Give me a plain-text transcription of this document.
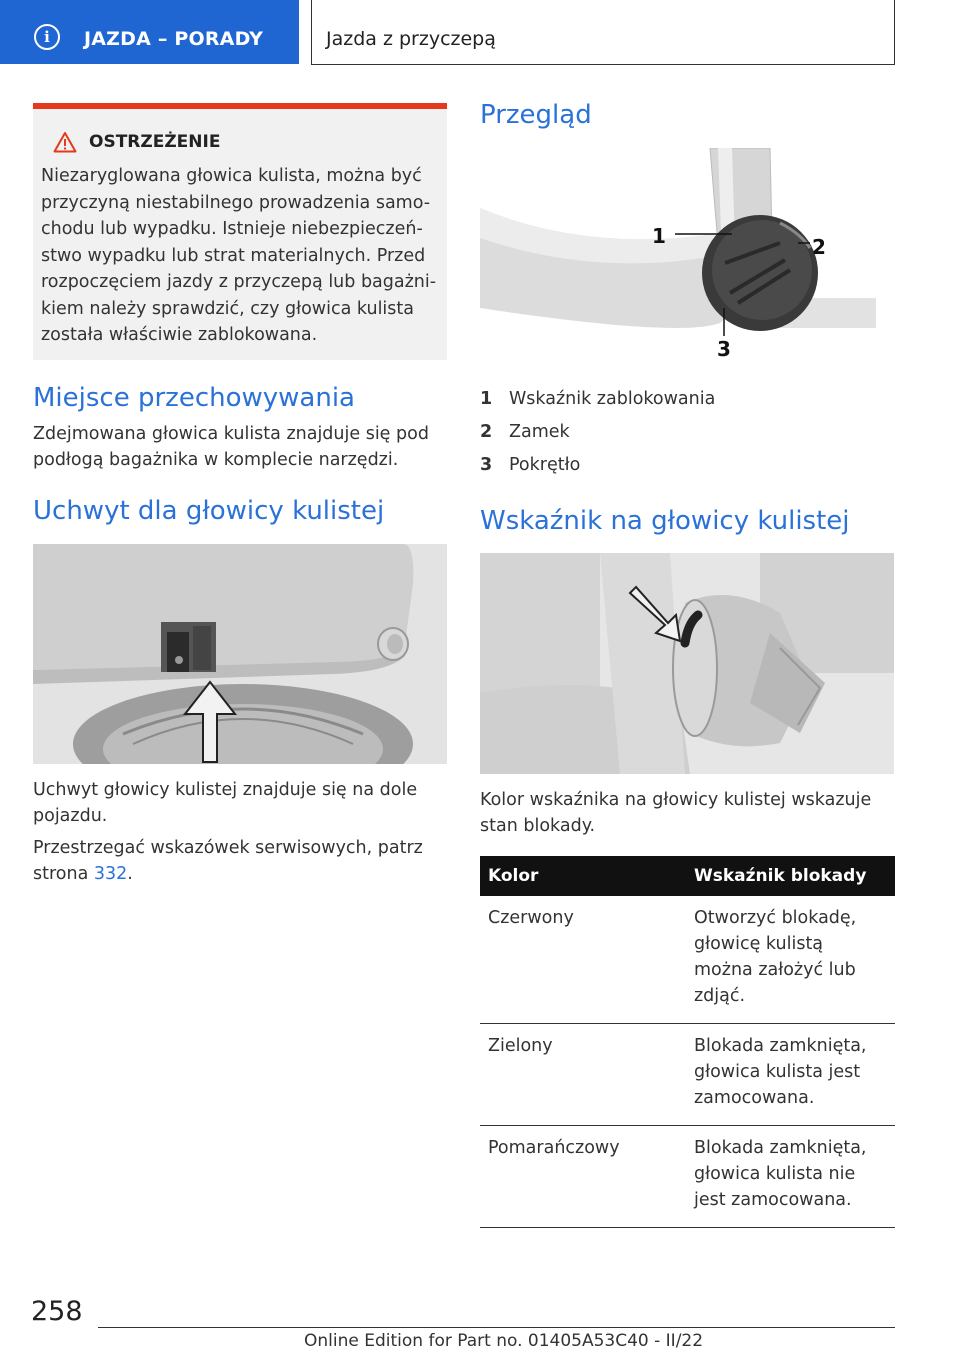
i	JAZDA – PORADY	Jazda z przyczepą
OSTRZEŻENIE
Niezaryglowana głowica kulista, można być
przyczyną niestabilnego prowadzenia samo-
chodu lub wypadku. Istnieje niebezpieczeń-
stwo wypadku lub strat materialnych. Przed
rozpoczęciem jazdy z przyczepą lub bagażni-
kiem należy sprawdzić, czy głowica kulista
została właściwie zablokowana.
Miejsce przechowywania
Zdejmowana głowica kulista znajduje się pod
podłogą bagażnika w komplecie narzędzi.
Uchwyt dla głowicy kulistej
Uchwyt głowicy kulistej znajduje się na dole
pojazdu.
Przestrzegać wskazówek serwisowych, patrz
strona 332.
Przegląd
1	2
3
1 Wskaźnik zablokowania
2 Zamek
3 Pokrętło
Wskaźnik na głowicy kulistej
Kolor wskaźnika na głowicy kulistej wskazuje
stan blokady.
Kolor	Wskaźnik blokady
Czerwony	Otworzyć blokadę,
głowicę kulistą
można założyć lub
zdjąć.

Zielony	Blokada zamknięta,
głowica kulista jest
zamocowana.

Pomarańczowy	Blokada zamknięta,
głowica kulista nie
jest zamocowana.
258
Online Edition for Part no. 01405A53C40 - II/22
